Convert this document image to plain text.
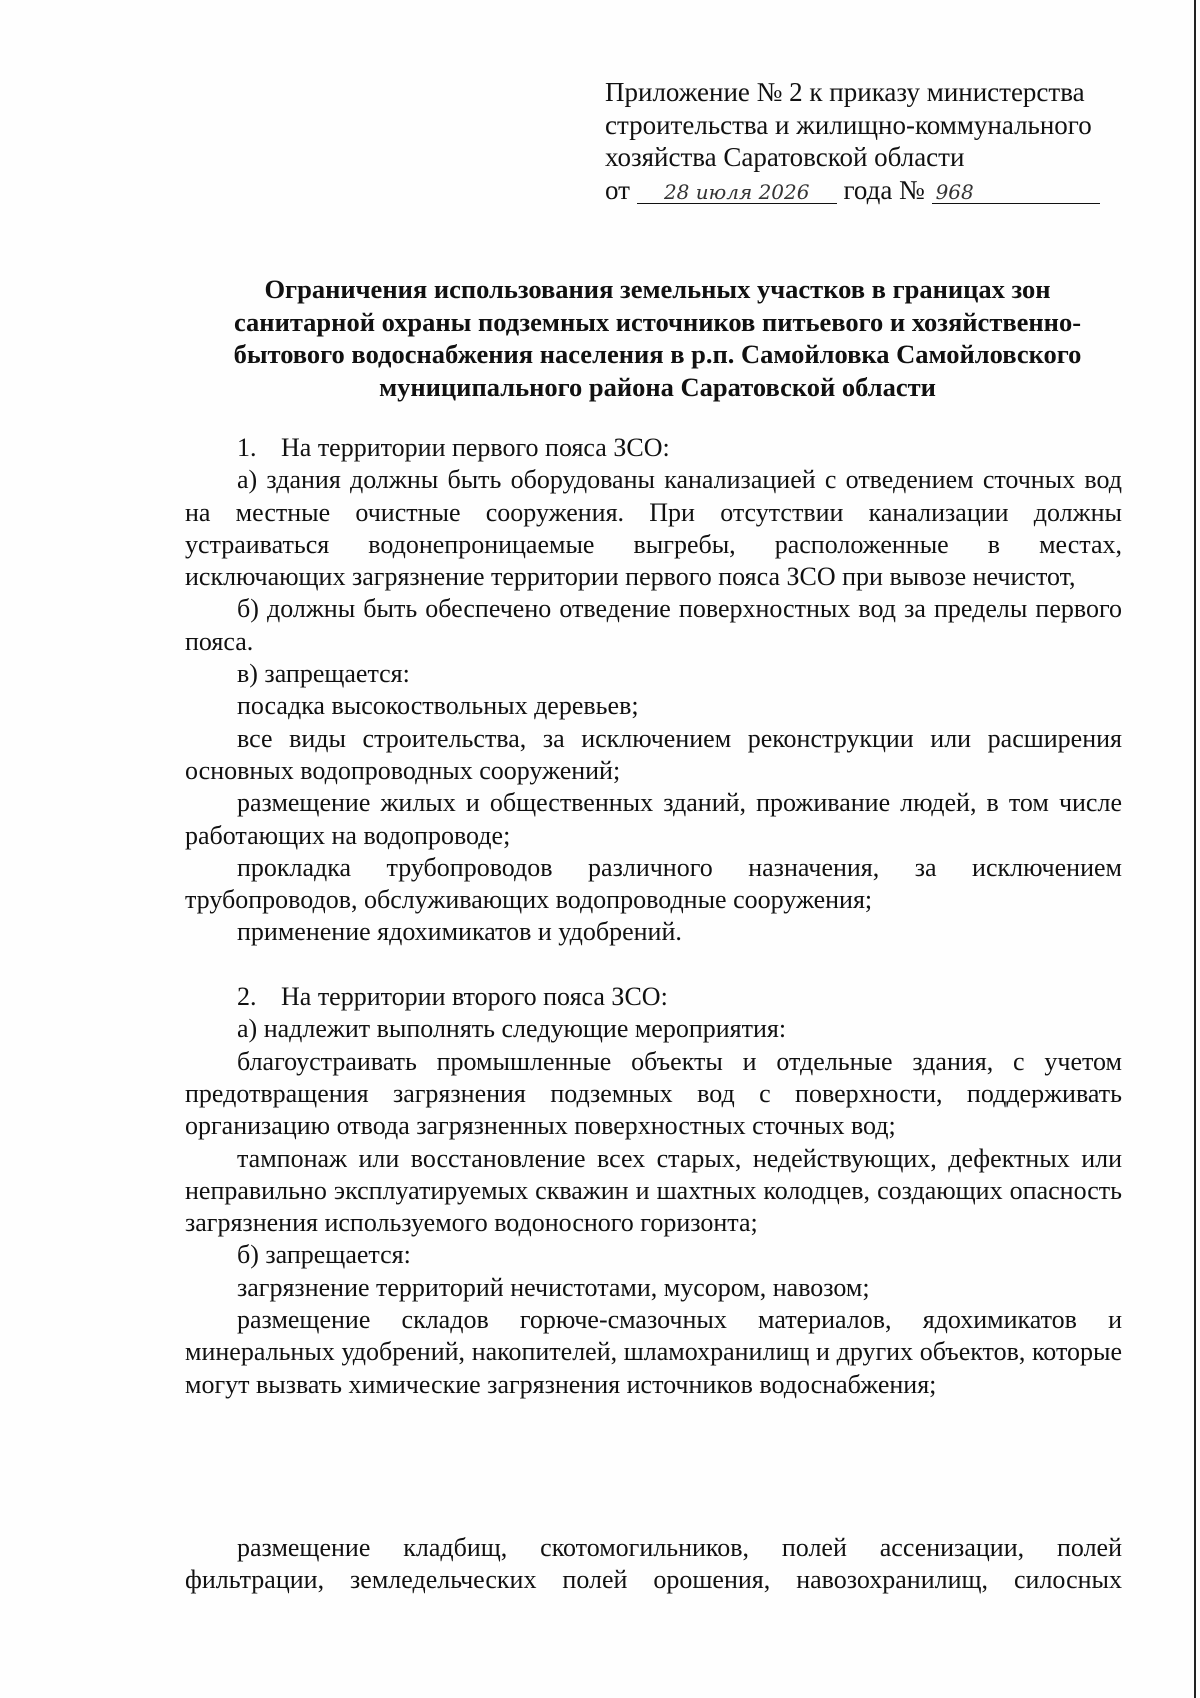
Приложение № 2 к приказу министерства
строительства и жилищно-коммунального
хозяйства Саратовской области
от 28 июля 2026 года № 968
Ограничения использования земельных участков в границах зон
санитарной охраны подземных источников питьевого и хозяйственно-
бытового водоснабжения населения в р.п. Самойловка Самойловского
муниципального района Саратовской области

1. На территории первого пояса ЗСО:

а) здания должны быть оборудованы канализацией с отведением сточных вод на местные очистные сооружения. При отсутствии канализации должны устраиваться водонепроницаемые выгребы, расположенные в местах, исключающих загрязнение территории первого пояса ЗСО при вывозе нечистот,

б) должны быть обеспечено отведение поверхностных вод за пределы первого пояса.

в) запрещается:

посадка высокоствольных деревьев;

все виды строительства, за исключением реконструкции или расширения основных водопроводных сооружений;

размещение жилых и общественных зданий, проживание людей, в том числе работающих на водопроводе;

прокладка трубопроводов различного назначения, за исключением трубопроводов, обслуживающих водопроводные сооружения;

применение ядохимикатов и удобрений.

2. На территории второго пояса ЗСО:

а) надлежит выполнять следующие мероприятия:

благоустраивать промышленные объекты и отдельные здания, с учетом предотвращения загрязнения подземных вод с поверхности, поддерживать организацию отвода загрязненных поверхностных сточных вод;

тампонаж или восстановление всех старых, недействующих, дефектных или неправильно эксплуатируемых скважин и шахтных колодцев, создающих опасность загрязнения используемого водоносного горизонта;

б) запрещается:

загрязнение территорий нечистотами, мусором, навозом;

размещение складов горюче-смазочных материалов, ядохимикатов и минеральных удобрений, накопителей, шламохранилищ и других объектов, которые могут вызвать химические загрязнения источников водоснабжения;

размещение кладбищ, скотомогильников, полей ассенизации, полей фильтрации, земледельческих полей орошения, навозохранилищ, силосных
